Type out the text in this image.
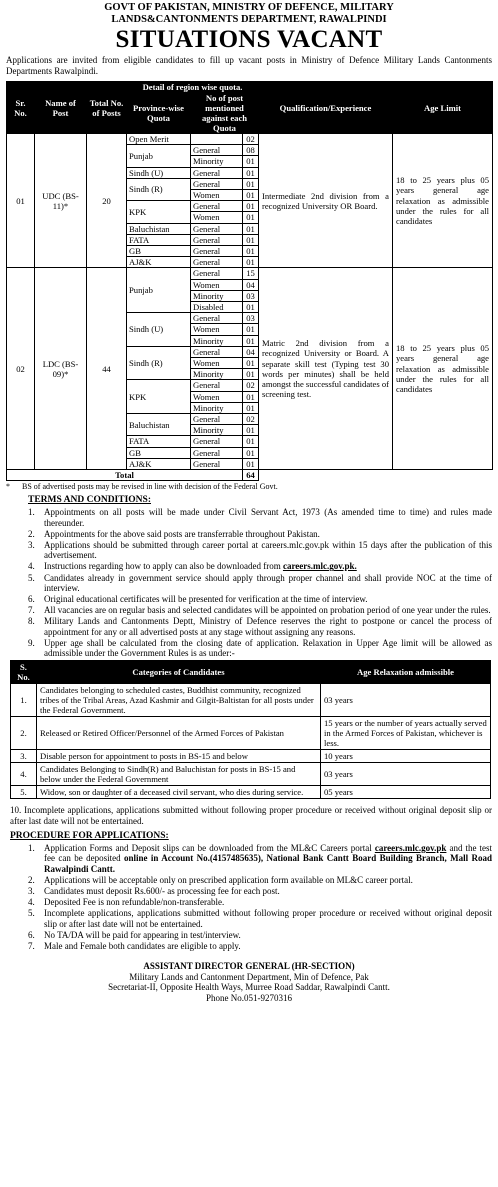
GOVT OF PAKISTAN, MINISTRY OF DEFENCE, MILITARY
LANDS&CANTONMENTS DEPARTMENT, RAWALPINDI
SITUATIONS VACANT
Applications are invited from eligible candidates to fill up vacant posts in Ministry of Defence Military Lands Cantonments Departments Rawalpindi.
Sr. No.	Name of Post	Total No. of Posts	Detail of region wise quota.			Qualification/Experience	Age Limit
			Province-wise Quota	No of post mentioned against each Quota			
01	UDC (BS-11)*	20	Open Merit		02	Intermediate 2nd division from a recognized University OR Board.	18 to 25 years plus 05 years general age relaxation as admissible under the rules for all candidates
			Punjab	General	08		
				Minority	01		
			Sindh (U)	General	01		
			Sindh (R)	General	01		
				Women	01		
			KPK	General	01		
				Women	01		
			Baluchistan	General	01		
			FATA	General	01		
			GB	General	01		
			AJ&K	General	01		
02	LDC (BS-09)*	44	Punjab	General	15	Matric 2nd division from a recognized University or Board. A separate skill test (Typing test 30 words per minutes) shall be held amongst the successful candidates of screening test.	18 to 25 years plus 05 years general age relaxation as admissible under the rules for all candidates
				Women	04		
				Minority	03		
				Disabled	01		
			Sindh (U)	General	03		
				Women	01		
				Minority	01		
			Sindh (R)	General	04		
				Women	01		
				Minority	01		
			KPK	General	02		
				Women	01		
				Minority	01		
			Baluchistan	General	02		
				Minority	01		
			FATA	General	01		
			GB	General	01		
			AJ&K	General	01		
Total					64		
* BS of advertised posts may be revised in line with decision of the Federal Govt.
TERMS AND CONDITIONS:
1.	Appointments on all posts will be made under Civil Servant Act, 1973 (As amended time to time) and rules made thereunder.
2.	Appointments for the above said posts are transferrable throughout Pakistan.
3.	Applications should be submitted through career portal at careers.mlc.gov.pk within 15 days after the publication of this advertisement.
4.	Instructions regarding how to apply can also be downloaded from careers.mlc.gov.pk.
5.	Candidates already in government service should apply through proper channel and shall provide NOC at the time of interview.
6.	Original educational certificates will be presented for verification at the time of interview.
7.	All vacancies are on regular basis and selected candidates will be appointed on probation period of one year under the rules.
8.	Military Lands and Cantonments Deptt, Ministry of Defence reserves the right to postpone or cancel the process of appointment for any or all advertised posts at any stage without assigning any reasons.
9.	Upper age shall be calculated from the closing date of application. Relaxation in Upper Age limit will be allowed as admissible under the Government Rules is as under:-
S. No.	Categories of Candidates	Age Relaxation admissible
1.	Candidates belonging to scheduled castes, Buddhist community, recognized tribes of the Tribal Areas, Azad Kashmir and Gilgit-Baltistan for all posts under the Federal Government.	03 years
2.	Released or Retired Officer/Personnel of the Armed Forces of Pakistan	15 years or the number of years actually served in the Armed Forces of Pakistan, whichever is less.
3.	Disable person for appointment to posts in BS-15 and below	10 years
4.	Candidates Belonging to Sindh(R) and Baluchistan for posts in BS-15 and below under the Federal Government	03 years
5.	Widow, son or daughter of a deceased civil servant, who dies during service.	05 years
10. Incomplete applications, applications submitted without following proper procedure or received without original deposit slip or after last date will not be entertained.
PROCEDURE FOR APPLICATIONS:
1.	Application Forms and Deposit slips can be downloaded from the ML&C Careers portal careers.mlc.gov.pk and the test fee can be deposited online in Account No.(4157485635), National Bank Cantt Board Building Branch, Mall Road Rawalpindi Cantt.
2.	Applications will be acceptable only on prescribed application form available on ML&C career portal.
3.	Candidates must deposit Rs.600/- as processing fee for each post.
4.	Deposited Fee is non refundable/non-transferable.
5.	Incomplete applications, applications submitted without following proper procedure or received without original deposit slip or after last date will not be entertained.
6.	No TA/DA will be paid for appearing in test/interview.
7.	Male and Female both candidates are eligible to apply.
ASSISTANT DIRECTOR GENERAL (HR-SECTION)
Military Lands and Cantonment Department, Min of Defence, Pak
Secretariat-II, Opposite Health Ways, Murree Road Saddar, Rawalpindi Cantt.
Phone No.051-9270316
